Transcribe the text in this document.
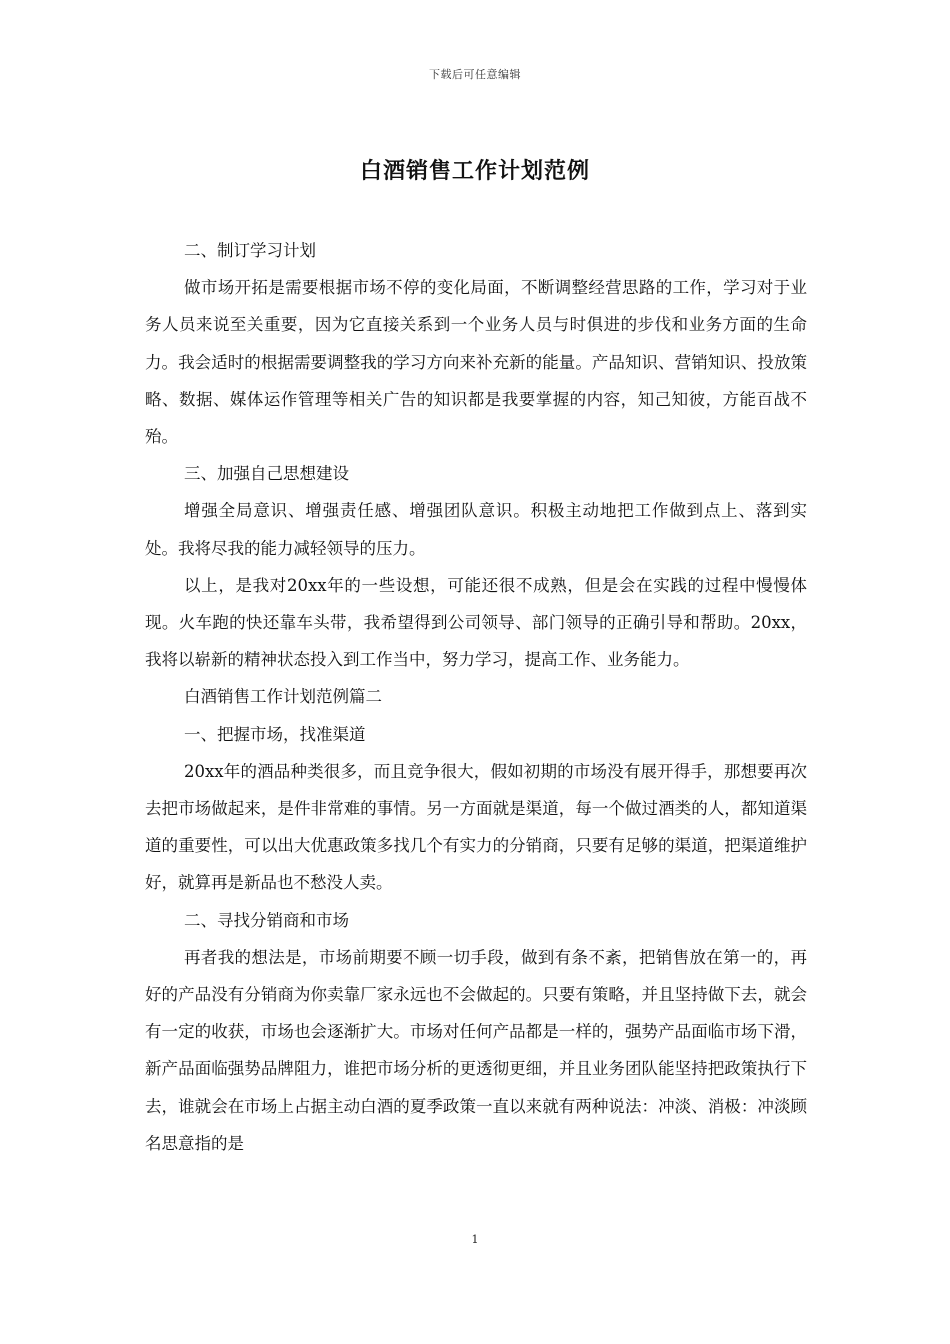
下载后可任意编辑
白酒销售工作计划范例

二、制订学习计划

做市场开拓是需要根据市场不停的变化局面，不断调整经营思路的工作，学习对于业务人员来说至关重要，因为它直接关系到一个业务人员与时俱进的步伐和业务方面的生命力。我会适时的根据需要调整我的学习方向来补充新的能量。产品知识、营销知识、投放策略、数据、媒体运作管理等相关广告的知识都是我要掌握的内容，知己知彼，方能百战不殆。

三、加强自己思想建设

增强全局意识、增强责任感、增强团队意识。积极主动地把工作做到点上、落到实处。我将尽我的能力减轻领导的压力。

以上，是我对20xx年的一些设想，可能还很不成熟，但是会在实践的过程中慢慢体现。火车跑的快还靠车头带，我希望得到公司领导、部门领导的正确引导和帮助。20xx，我将以崭新的精神状态投入到工作当中，努力学习，提高工作、业务能力。

白酒销售工作计划范例篇二

一、把握市场，找准渠道

20xx年的酒品种类很多，而且竞争很大，假如初期的市场没有展开得手，那想要再次去把市场做起来，是件非常难的事情。另一方面就是渠道，每一个做过酒类的人，都知道渠道的重要性，可以出大优惠政策多找几个有实力的分销商，只要有足够的渠道，把渠道维护好，就算再是新品也不愁没人卖。

二、寻找分销商和市场

再者我的想法是，市场前期要不顾一切手段，做到有条不紊，把销售放在第一的，再好的产品没有分销商为你卖靠厂家永远也不会做起的。只要有策略，并且坚持做下去，就会有一定的收获，市场也会逐渐扩大。市场对任何产品都是一样的，强势产品面临市场下滑，新产品面临强势品牌阻力，谁把市场分析的更透彻更细，并且业务团队能坚持把政策执行下去，谁就会在市场上占据主动白酒的夏季政策一直以来就有两种说法：冲淡、消极：冲淡顾名思意指的是

1
